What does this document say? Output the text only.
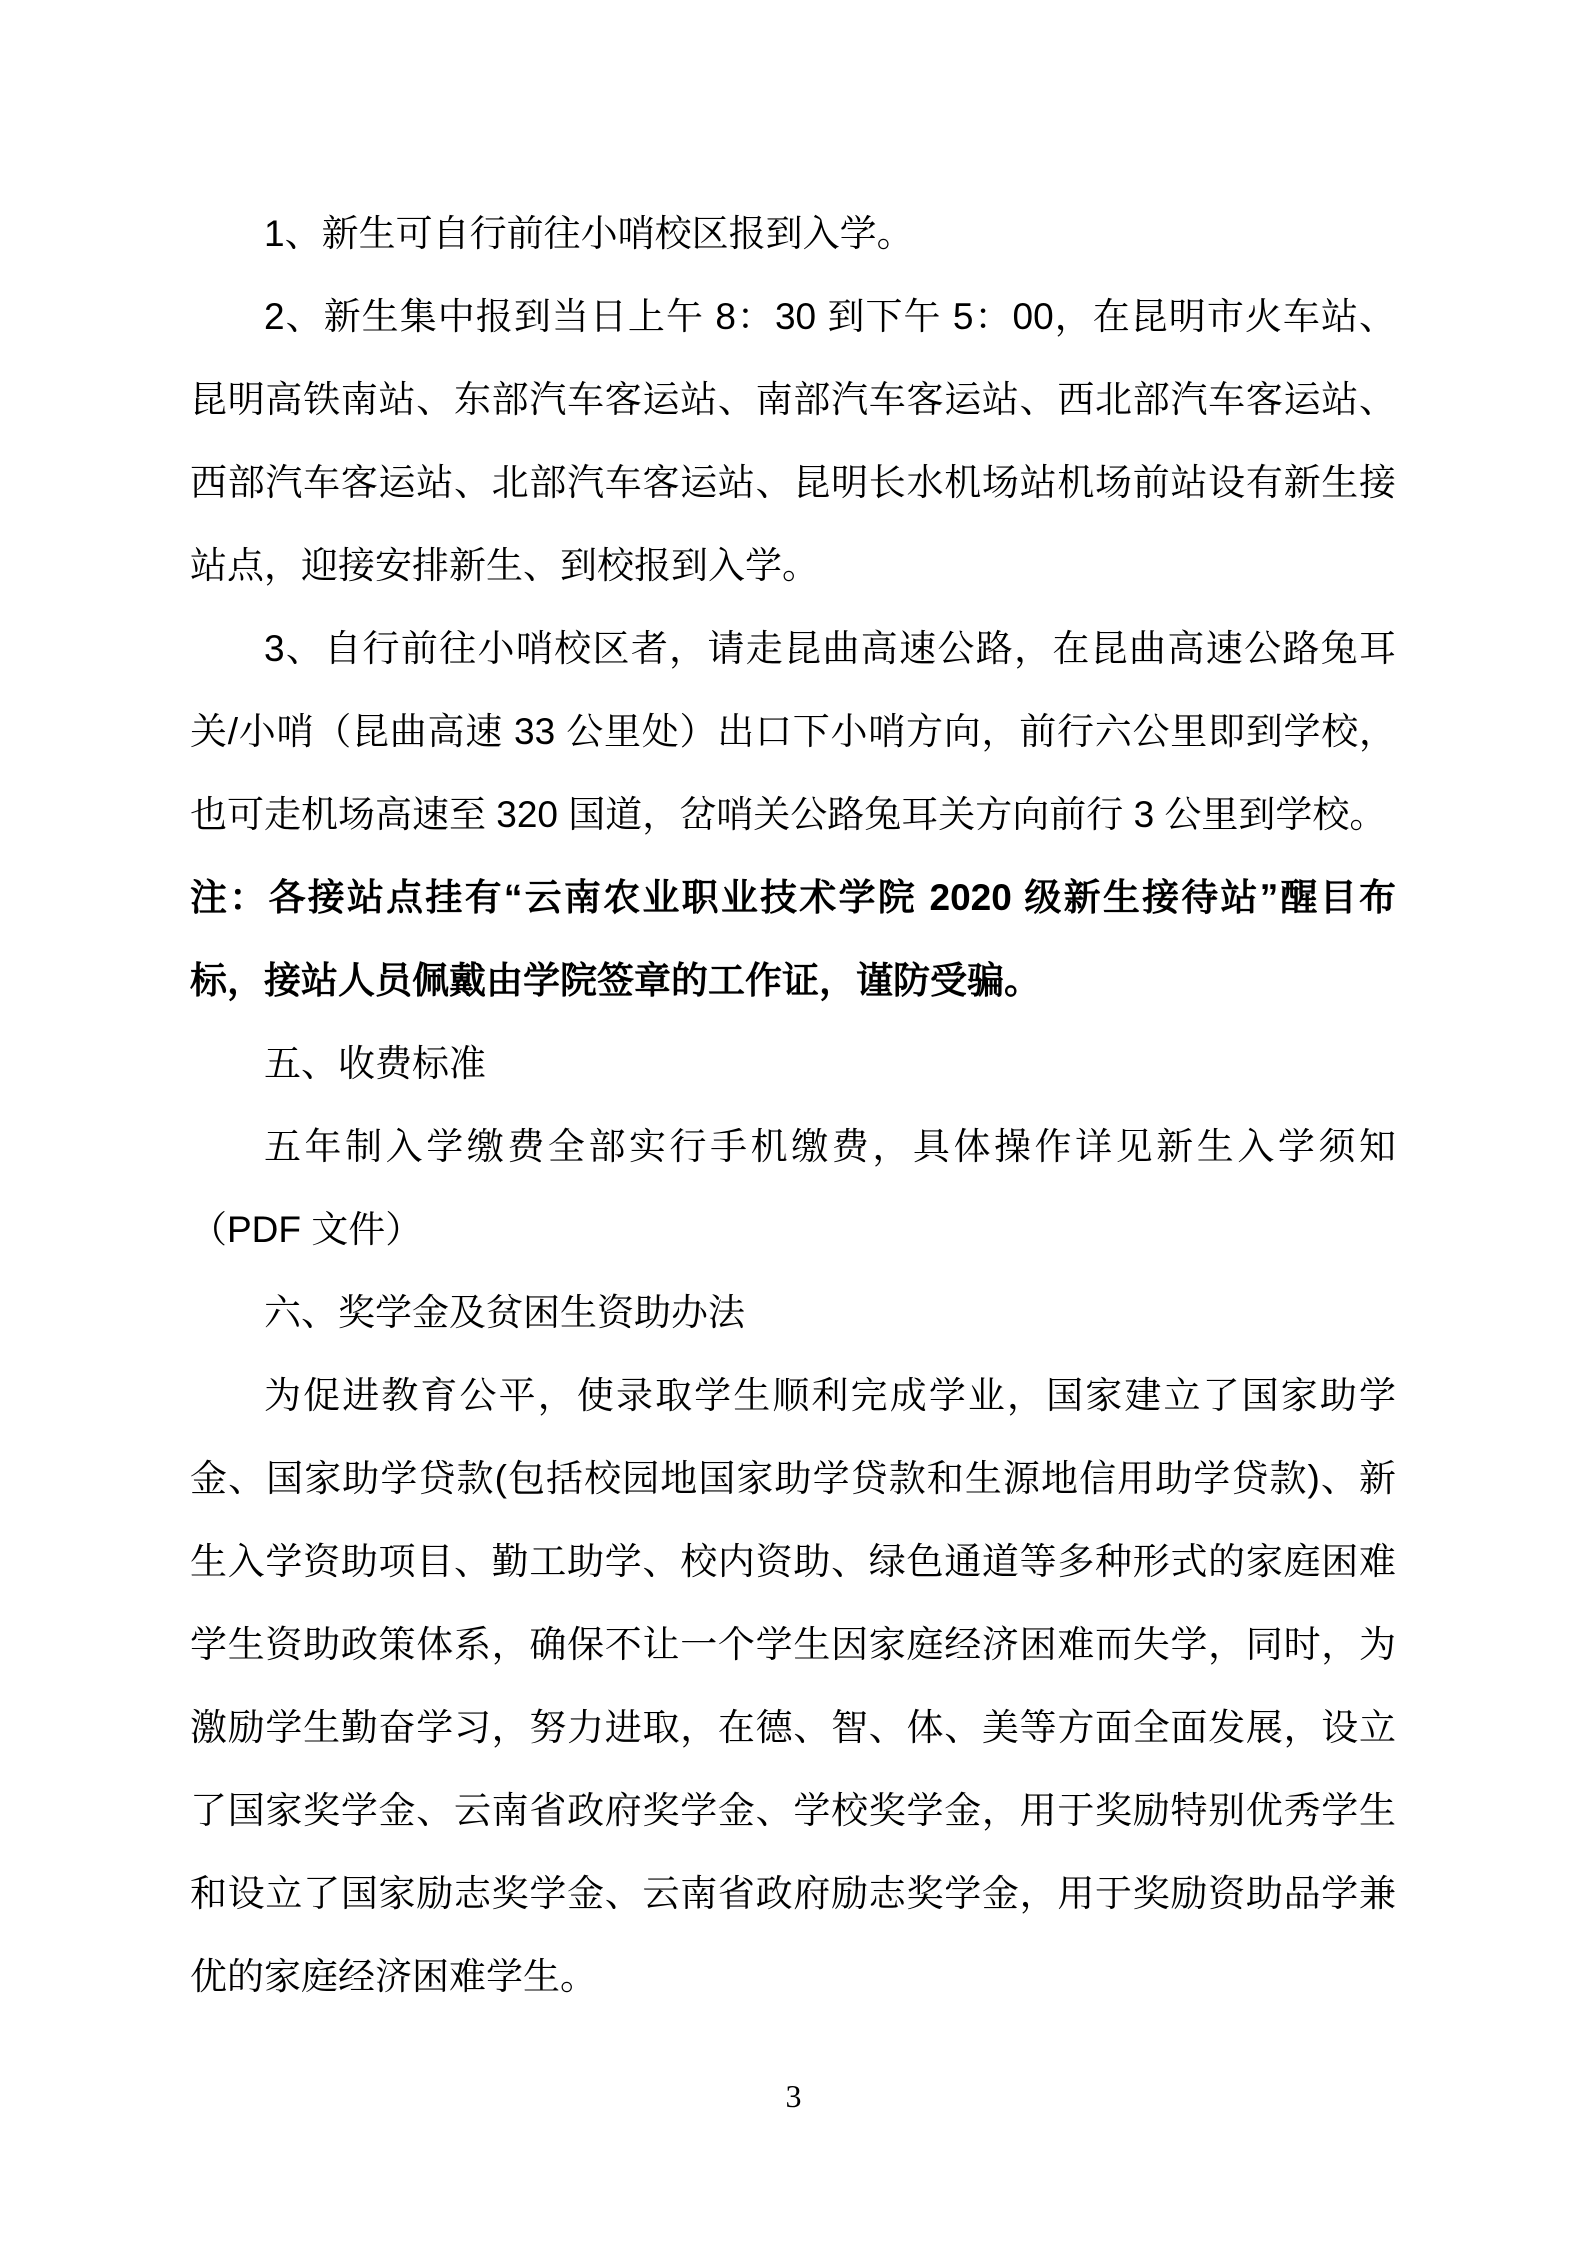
1、新生可自行前往小哨校区报到入学。

2、新生集中报到当日上午 8：30 到下午 5：00，在昆明市火车站、昆明高铁南站、东部汽车客运站、南部汽车客运站、西北部汽车客运站、西部汽车客运站、北部汽车客运站、昆明长水机场站机场前站设有新生接站点，迎接安排新生、到校报到入学。

3、自行前往小哨校区者，请走昆曲高速公路，在昆曲高速公路兔耳关/小哨（昆曲高速 33 公里处）出口下小哨方向，前行六公里即到学校，也可走机场高速至 320 国道，岔哨关公路兔耳关方向前行 3 公里到学校。

注：各接站点挂有“云南农业职业技术学院 2020 级新生接待站”醒目布标，接站人员佩戴由学院签章的工作证，谨防受骗。

五、收费标准

五年制入学缴费全部实行手机缴费，具体操作详见新生入学须知（PDF 文件）

六、奖学金及贫困生资助办法

为促进教育公平，使录取学生顺利完成学业，国家建立了国家助学金、国家助学贷款(包括校园地国家助学贷款和生源地信用助学贷款)、新生入学资助项目、勤工助学、校内资助、绿色通道等多种形式的家庭困难学生资助政策体系，确保不让一个学生因家庭经济困难而失学，同时，为激励学生勤奋学习，努力进取，在德、智、体、美等方面全面发展，设立了国家奖学金、云南省政府奖学金、学校奖学金，用于奖励特别优秀学生和设立了国家励志奖学金、云南省政府励志奖学金，用于奖励资助品学兼优的家庭经济困难学生。

3
